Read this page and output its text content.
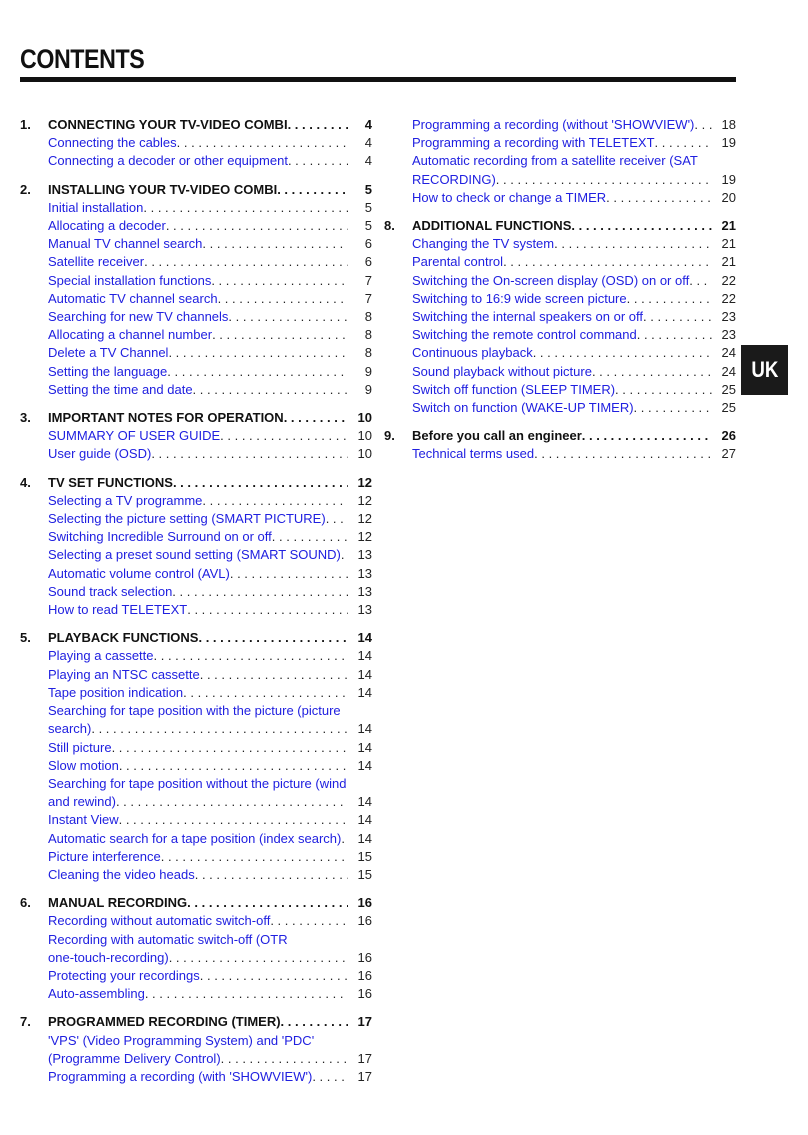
CONTENTS
1.	CONNECTING YOUR TV-VIDEO COMBI . . .	4
Connecting the cables . . .	4
Connecting a decoder or other equipment . . .	4
2.	INSTALLING YOUR TV-VIDEO COMBI . . .	5
Initial installation . . .	5
Allocating a decoder . . .	5
Manual TV channel search . . .	6
Satellite receiver . . .	6
Special installation functions . . .	7
Automatic TV channel search . . .	7
Searching for new TV channels . . .	8
Allocating a channel number . . .	8
Delete a TV Channel . . .	8
Setting the language . . .	9
Setting the time and date . . .	9
3.	IMPORTANT NOTES FOR OPERATION . . .	10
SUMMARY OF USER GUIDE . . .	10
User guide (OSD) . . .	10
4.	TV SET FUNCTIONS . . .	12
Selecting a TV programme . . .	12
Selecting the picture setting (SMART PICTURE) . . .	12
Switching Incredible Surround on or off . . .	12
Selecting a preset sound setting (SMART SOUND) . . .	13
Automatic volume control (AVL) . . .	13
Sound track selection . . .	13
How to read TELETEXT . . .	13
5.	PLAYBACK FUNCTIONS . . .	14
Playing a cassette . . .	14
Playing an NTSC cassette . . .	14
Tape position indication . . .	14
Searching for tape position with the picture (picture
search) . . .	14
Still picture . . .	14
Slow motion . . .	14
Searching for tape position without the picture (wind
and rewind) . . .	14
Instant View . . .	14
Automatic search for a tape position (index search) . . .	14
Picture interference . . .	15
Cleaning the video heads . . .	15
6.	MANUAL RECORDING . . .	16
Recording without automatic switch-off . . .	16
Recording with automatic switch-off (OTR
one-touch-recording) . . .	16
Protecting your recordings . . .	16
Auto-assembling . . .	16
7.	PROGRAMMED RECORDING (TIMER) . . .	17
'VPS' (Video Programming System) and 'PDC'
(Programme Delivery Control) . . .	17
Programming a recording (with 'SHOWVIEW') . . .	17
Programming a recording (without 'SHOWVIEW') . . .	18
Programming a recording with TELETEXT . . .	19
Automatic recording from a satellite receiver (SAT
RECORDING) . . .	19
How to check or change a TIMER . . .	20
8.	ADDITIONAL FUNCTIONS . . .	21
Changing the TV system . . .	21
Parental control . . .	21
Switching the On-screen display (OSD) on or off . . .	22
Switching to 16:9 wide screen picture . . .	22
Switching the internal speakers on or off . . .	23
Switching the remote control command . . .	23
Continuous playback . . .	24
Sound playback without picture . . .	24
Switch off function (SLEEP TIMER) . . .	25
Switch on function (WAKE-UP TIMER) . . .	25
9.	Before you call an engineer . . .	26
Technical terms used . . .	27
UK
